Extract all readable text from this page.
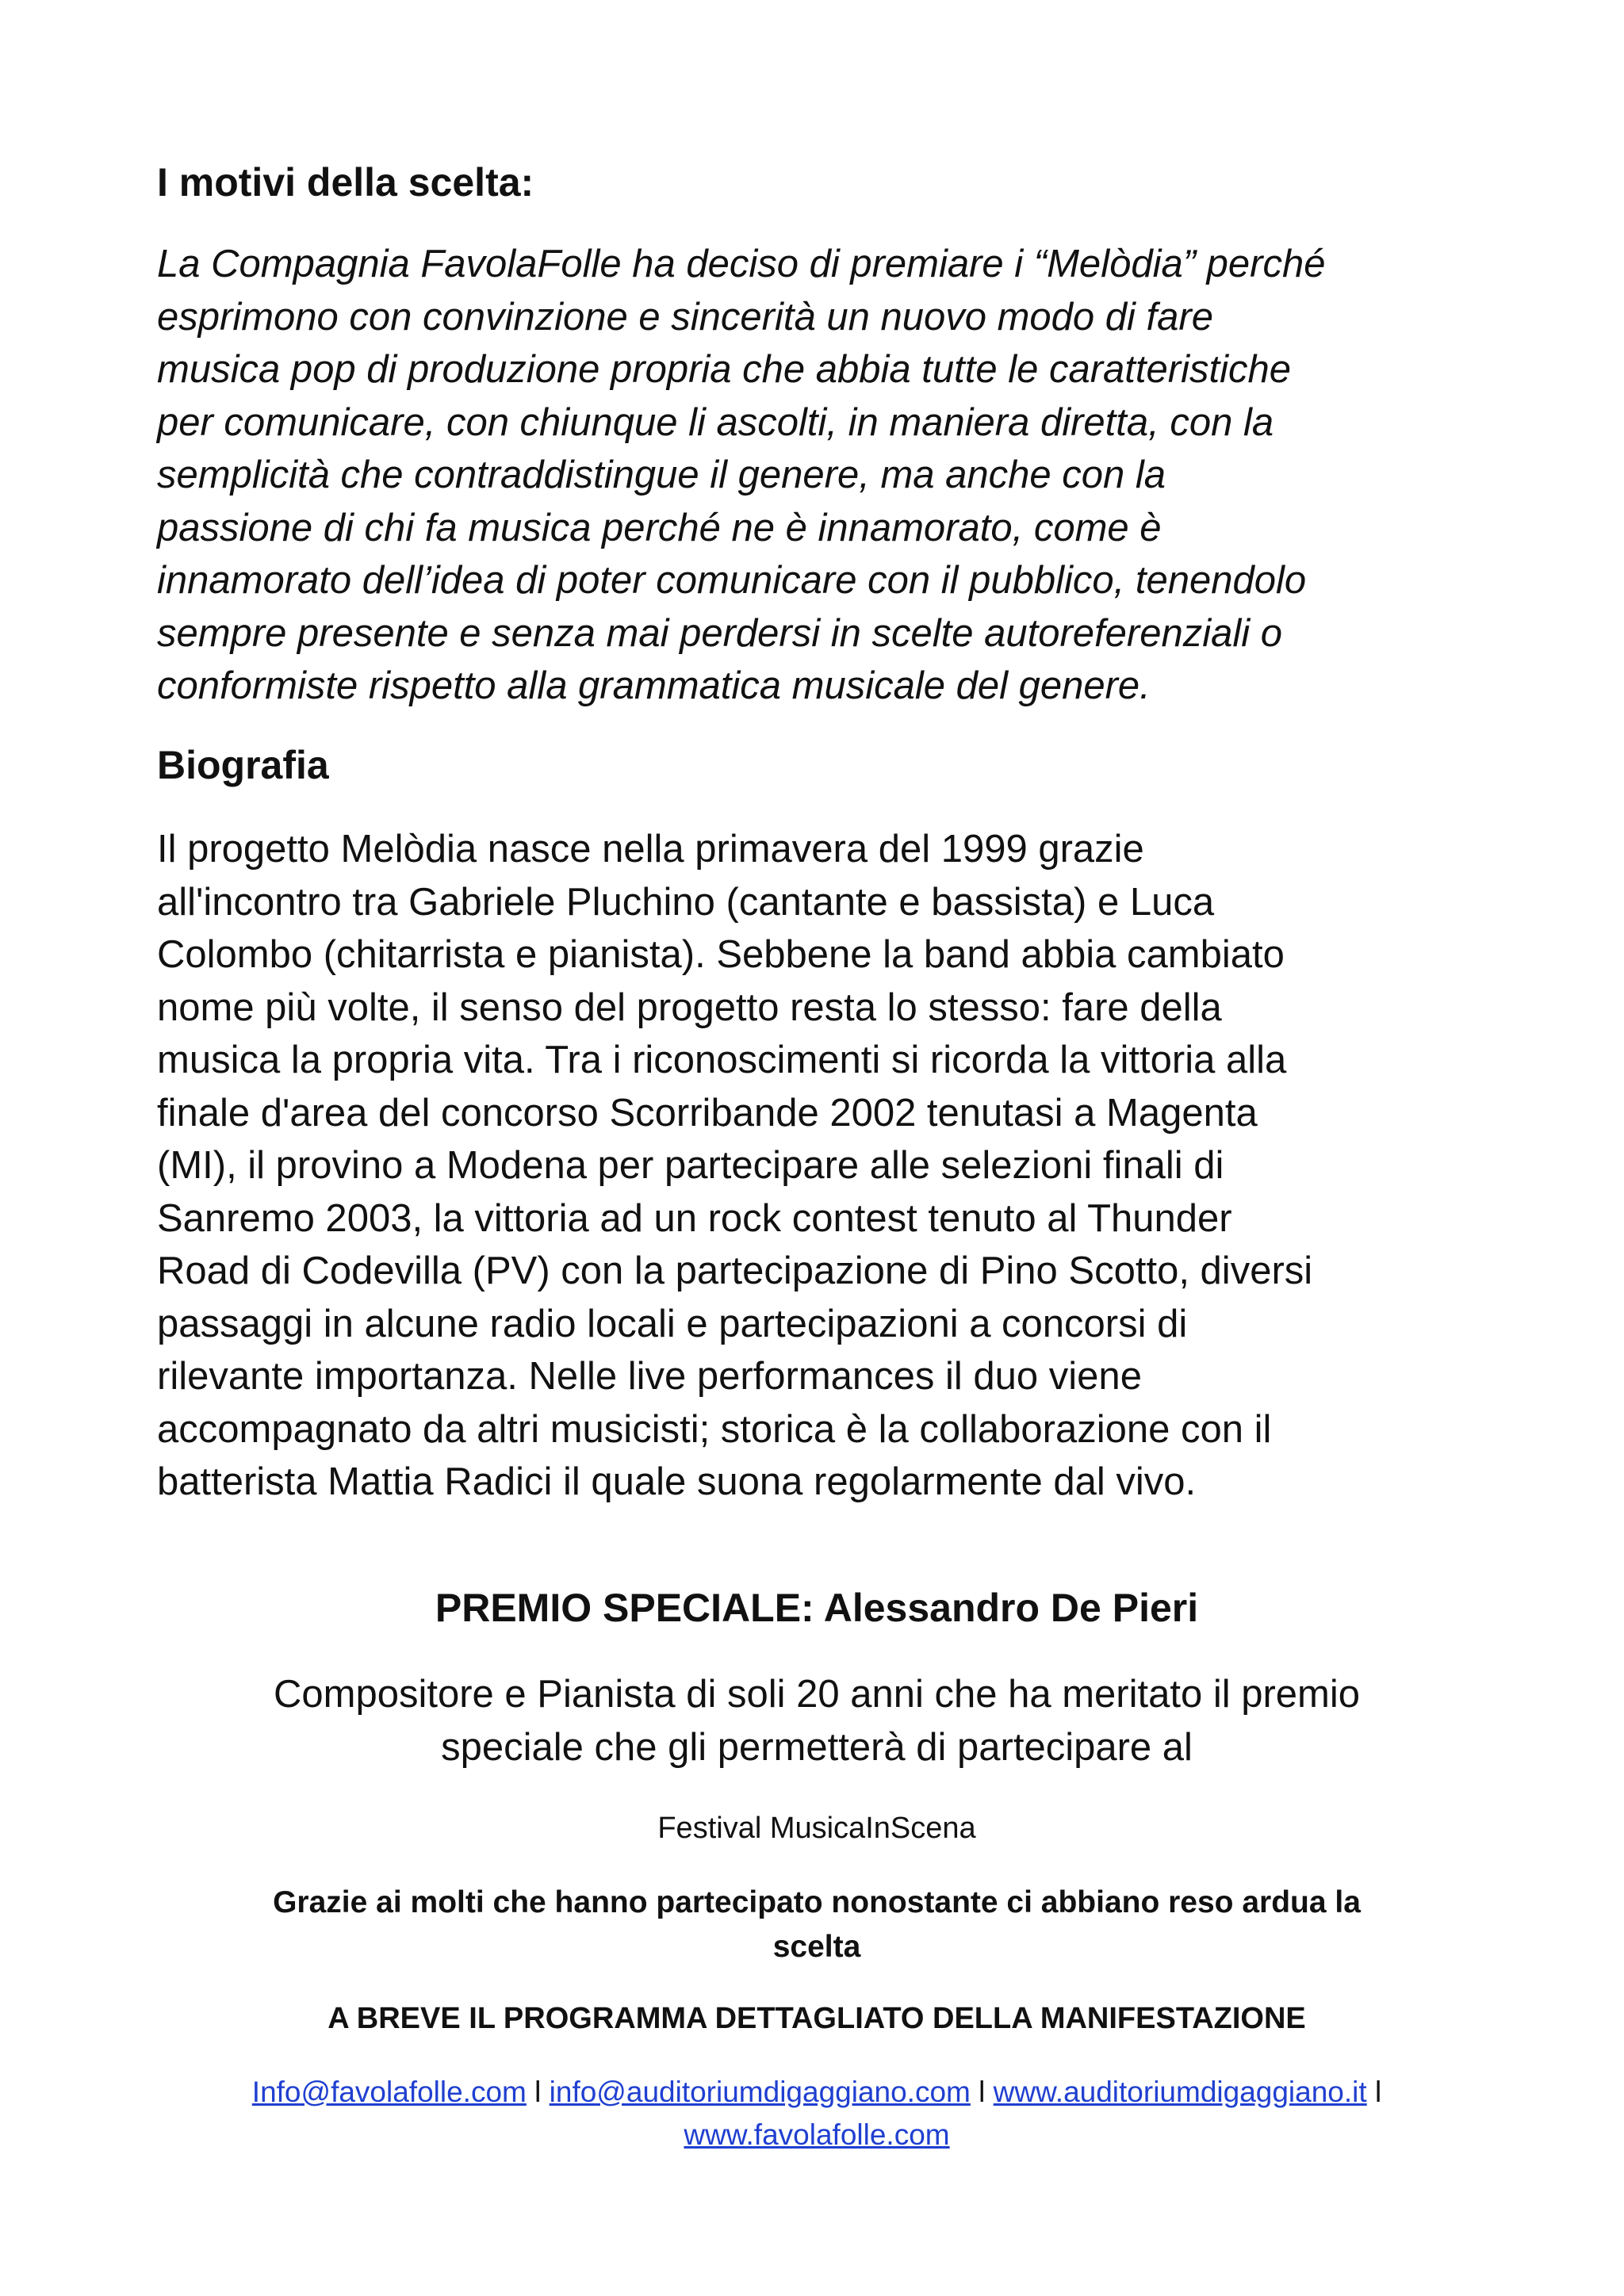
I motivi della scelta:

La Compagnia FavolaFolle ha deciso di premiare i “Melòdia” perché
esprimono con convinzione e sincerità un nuovo modo di fare
musica pop di produzione propria che abbia tutte le caratteristiche
per comunicare, con chiunque li ascolti, in maniera diretta, con la
semplicità che contraddistingue il genere, ma anche con la
passione di chi fa musica perché ne è innamorato, come è
innamorato dell’idea di poter comunicare con il pubblico, tenendolo
sempre presente e senza mai perdersi in scelte autoreferenziali o
conformiste rispetto alla grammatica musicale del genere.

Biografia

Il progetto Melòdia nasce nella primavera del 1999 grazie
all'incontro tra Gabriele Pluchino (cantante e bassista) e Luca
Colombo (chitarrista e pianista). Sebbene la band abbia cambiato
nome più volte, il senso del progetto resta lo stesso: fare della
musica la propria vita. Tra i riconoscimenti si ricorda la vittoria alla
finale d'area del concorso Scorribande 2002 tenutasi a Magenta
(MI), il provino a Modena per partecipare alle selezioni finali di
Sanremo 2003, la vittoria ad un rock contest tenuto al Thunder
Road di Codevilla (PV) con la partecipazione di Pino Scotto, diversi
passaggi in alcune radio locali e partecipazioni a concorsi di
rilevante importanza. Nelle live performances il duo viene
accompagnato da altri musicisti; storica è la collaborazione con il
batterista Mattia Radici il quale suona regolarmente dal vivo.

PREMIO SPECIALE: Alessandro De Pieri

Compositore e Pianista di soli 20 anni che ha meritato il premio
speciale che gli permetterà di partecipare al

Festival MusicaInScena

Grazie ai molti che hanno partecipato nonostante ci abbiano reso ardua la
scelta

A BREVE IL PROGRAMMA DETTAGLIATO DELLA MANIFESTAZIONE

Info@favolafolle.com l info@auditoriumdigaggiano.com l www.auditoriumdigaggiano.it l
www.favolafolle.com
